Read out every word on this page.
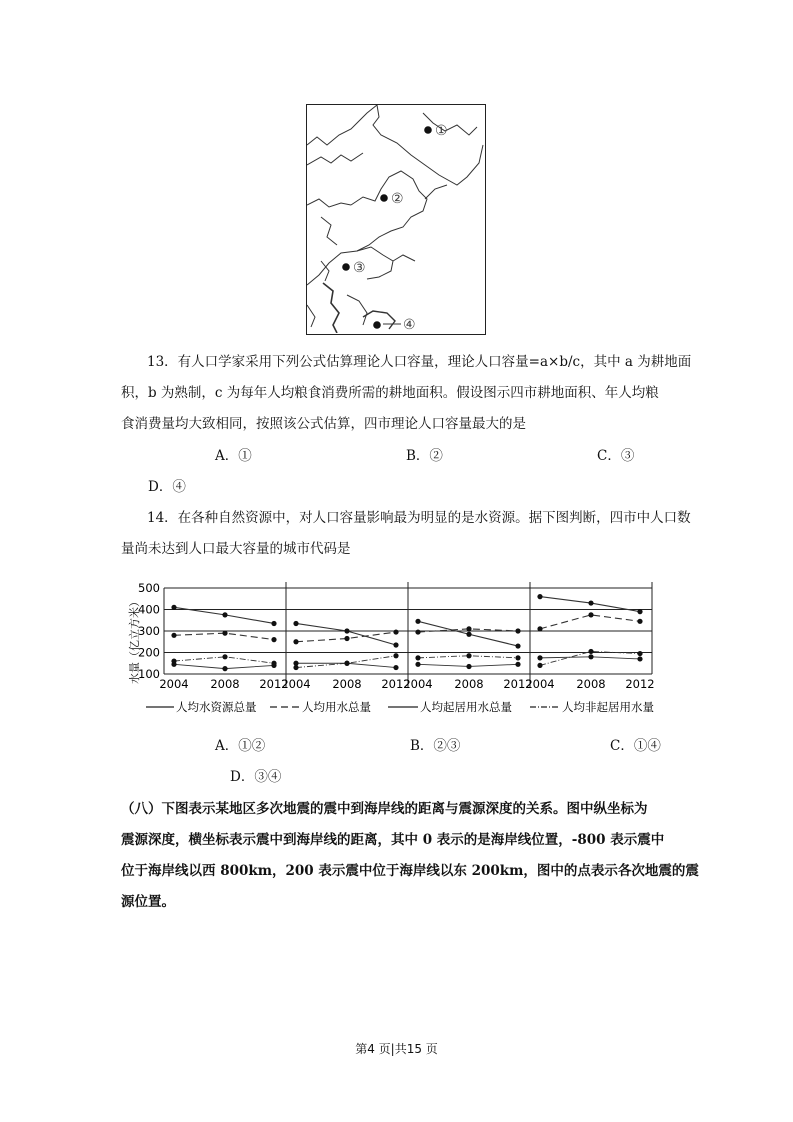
①
②
③
④
13．有人口学家采用下列公式估算理论人口容量，理论人口容量=a×b/c，其中 a 为耕地面
积，b 为熟制，c 为每年人均粮食消费所需的耕地面积。假设图示四市耕地面积、年人均粮
食消费量均大致相同，按照该公式估算，四市理论人口容量最大的是
A．①	B．②	C．③
D．④
14．在各种自然资源中，对人口容量影响最为明显的是水资源。据下图判断，四市中人口数
量尚未达到人口最大容量的城市代码是
水量（亿立方米）
500
400
300
200
100
2004 2008 2012
2004 2008 2012
2004 2008 2012
2004 2008 2012
人均水资源总量	人均用水总量	人均起居用水总量	人均非起居用水量
A．①②	B．②③	C．①④
D．③④
（八）下图表示某地区多次地震的震中到海岸线的距离与震源深度的关系。图中纵坐标为
震源深度，横坐标表示震中到海岸线的距离，其中 0 表示的是海岸线位置，-800 表示震中
位于海岸线以西 800km，200 表示震中位于海岸线以东 200km，图中的点表示各次地震的震
源位置。
第4 页|共15 页
